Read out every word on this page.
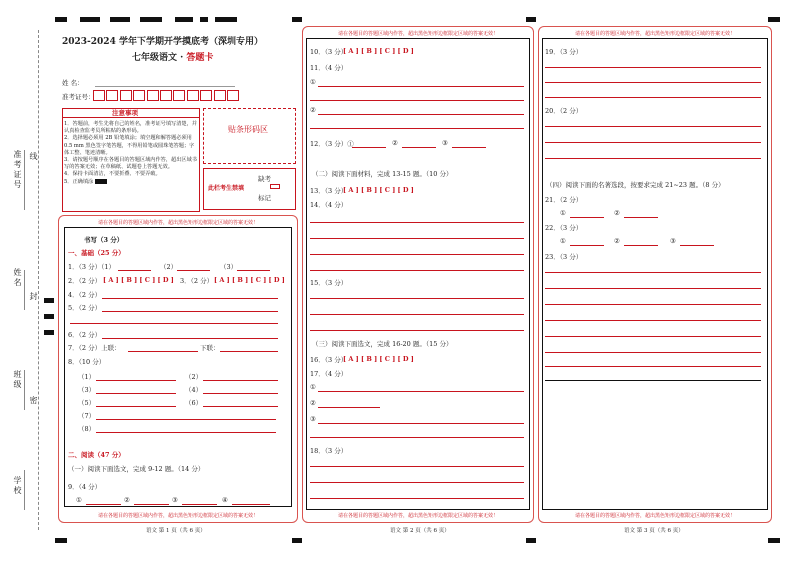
准考证号
姓名
班级
学校
线
封
密
2023-2024 学年下学期开学摸底考（深圳专用）
七年级语文 · 答题卡
姓 名：
准考证号：
注意事项
1．答题前，考生先将自己的姓名，准考证号填写清楚，并认真检查监考员所粘贴的条形码。
2．选择题必须用 2B 铅笔填涂；填空题和解答题必须用 0.5 mm 黑色签字笔答题，不得用铅笔或圆珠笔答题；字体工整、笔迹清晰。
3．请按题号顺序在各题目的答题区域内作答，超出区域书写的答案无效；在草稿纸、试题卷上答题无效。
4．保持卡面清洁，不要折叠、不要弄破。
5．正确填涂
贴条形码区
缺考
此栏考生禁填
标记
请在各题目的答题区域内作答，超出黑色矩形边框限定区域的答案无效！
书写（3 分）
一、基础（25 分）
1．（3 分）（1）	（2）	（3）
2．（2 分） [ A ] [ B ] [ C ] [ D ] 3．（2 分） [ A ] [ B ] [ C ] [ D ]
4．（2 分）
5．（2 分）
6．（2 分）
7．（2 分）上联：	下联：
8．（10 分）
（1）	（2）
（3）	（4）
（5）	（6）
（7）
（8）
二、阅读（47 分）
（一）阅读下面选文，完成 9-12 题。（14 分）
9．（4 分）
①	②	③	④
请在各题目的答题区域内作答，超出黑色矩形边框限定区域的答案无效！
请在各题目的答题区域内作答，超出黑色矩形边框限定区域的答案无效！
10．（3 分）
[ A ] [ B ] [ C ] [ D ]
11．（4 分）
①
②
12．（3 分）①	②	③
（二）阅读下面材料，完成 13-15 题。（10 分）
13．（3 分）
[ A ] [ B ] [ C ] [ D ]
14．（4 分）
15．（3 分）
（三）阅读下面选文，完成 16-20 题。（15 分）
16．（3 分）
[ A ] [ B ] [ C ] [ D ]
17．（4 分）
①
②
③
18．（3 分）
请在各题目的答题区域内作答，超出黑色矩形边框限定区域的答案无效！
请在各题目的答题区域内作答，超出黑色矩形边框限定区域的答案无效！
19．（3 分）
20．（2 分）
（四）阅读下面的名著选段，按要求完成 21~23 题。（8 分）
21．（2 分）
①	②
22．（3 分）
①	②	③
23．（3 分）
请在各题目的答题区域内作答，超出黑色矩形边框限定区域的答案无效！
语文 第 1 页（共 6 页）	语文 第 2 页（共 6 页）	语文 第 3 页（共 6 页）
